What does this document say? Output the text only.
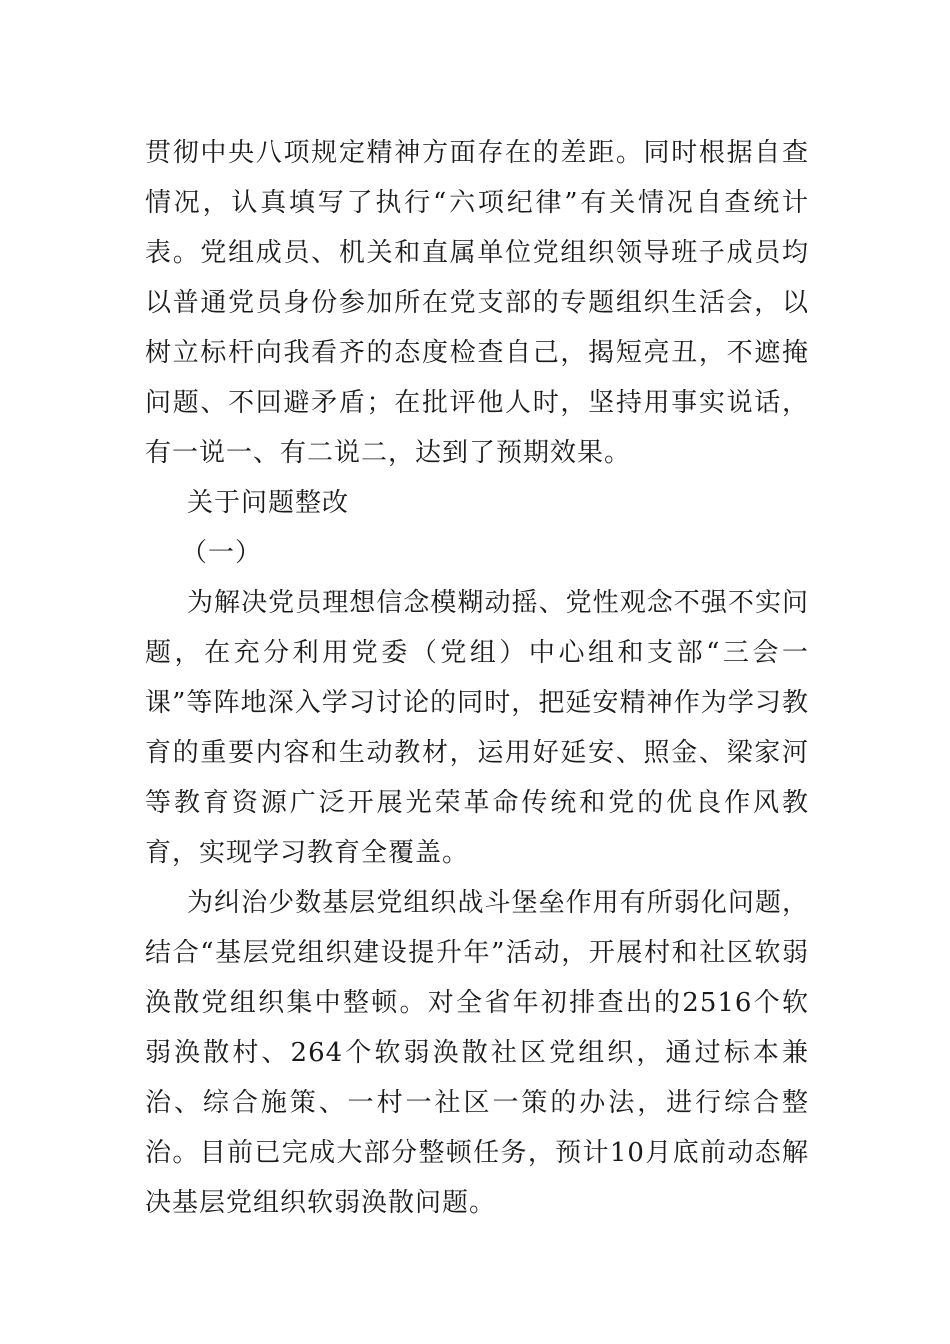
贯彻中央八项规定精神方面存在的差距。同时根据自查情况，认真填写了执行“六项纪律”有关情况自查统计表。党组成员、机关和直属单位党组织领导班子成员均以普通党员身份参加所在党支部的专题组织生活会，以树立标杆向我看齐的态度检查自己，揭短亮丑，不遮掩问题、不回避矛盾；在批评他人时，坚持用事实说话，有一说一、有二说二，达到了预期效果。

关于问题整改

（一）

为解决党员理想信念模糊动摇、党性观念不强不实问题，在充分利用党委（党组）中心组和支部“三会一课”等阵地深入学习讨论的同时，把延安精神作为学习教育的重要内容和生动教材，运用好延安、照金、梁家河等教育资源广泛开展光荣革命传统和党的优良作风教育，实现学习教育全覆盖。

为纠治少数基层党组织战斗堡垒作用有所弱化问题，结合“基层党组织建设提升年”活动，开展村和社区软弱涣散党组织集中整顿。对全省年初排查出的2516个软弱涣散村、264个软弱涣散社区党组织，通过标本兼治、综合施策、一村一社区一策的办法，进行综合整治。目前已完成大部分整顿任务，预计10月底前动态解决基层党组织软弱涣散问题。
